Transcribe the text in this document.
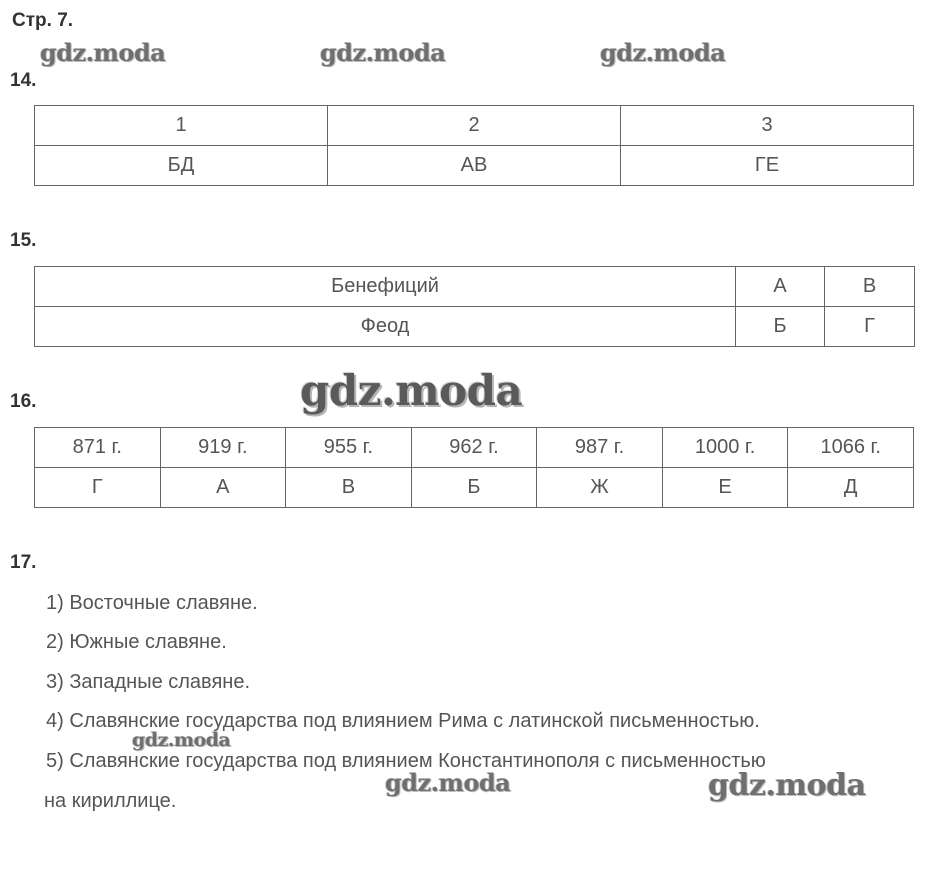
Стр. 7.
gdz.moda	gdz.moda	gdz.moda
14.
1	2	3
БД	АВ	ГЕ
15.
Бенефиций	А	В
Феод	Б	Г
gdz.moda
16.
871 г.	919 г.	955 г.	962 г.	987 г.	1000 г.	1066 г.
Г	А	В	Б	Ж	Е	Д
17.
1) Восточные славяне.
2) Южные славяне.
3) Западные славяне.
4) Славянские государства под влиянием Рима с латинской письменностью.
5) Славянские государства под влиянием Константинополя с письменностью
на кириллице.
gdz.moda
gdz.moda	gdz.moda
